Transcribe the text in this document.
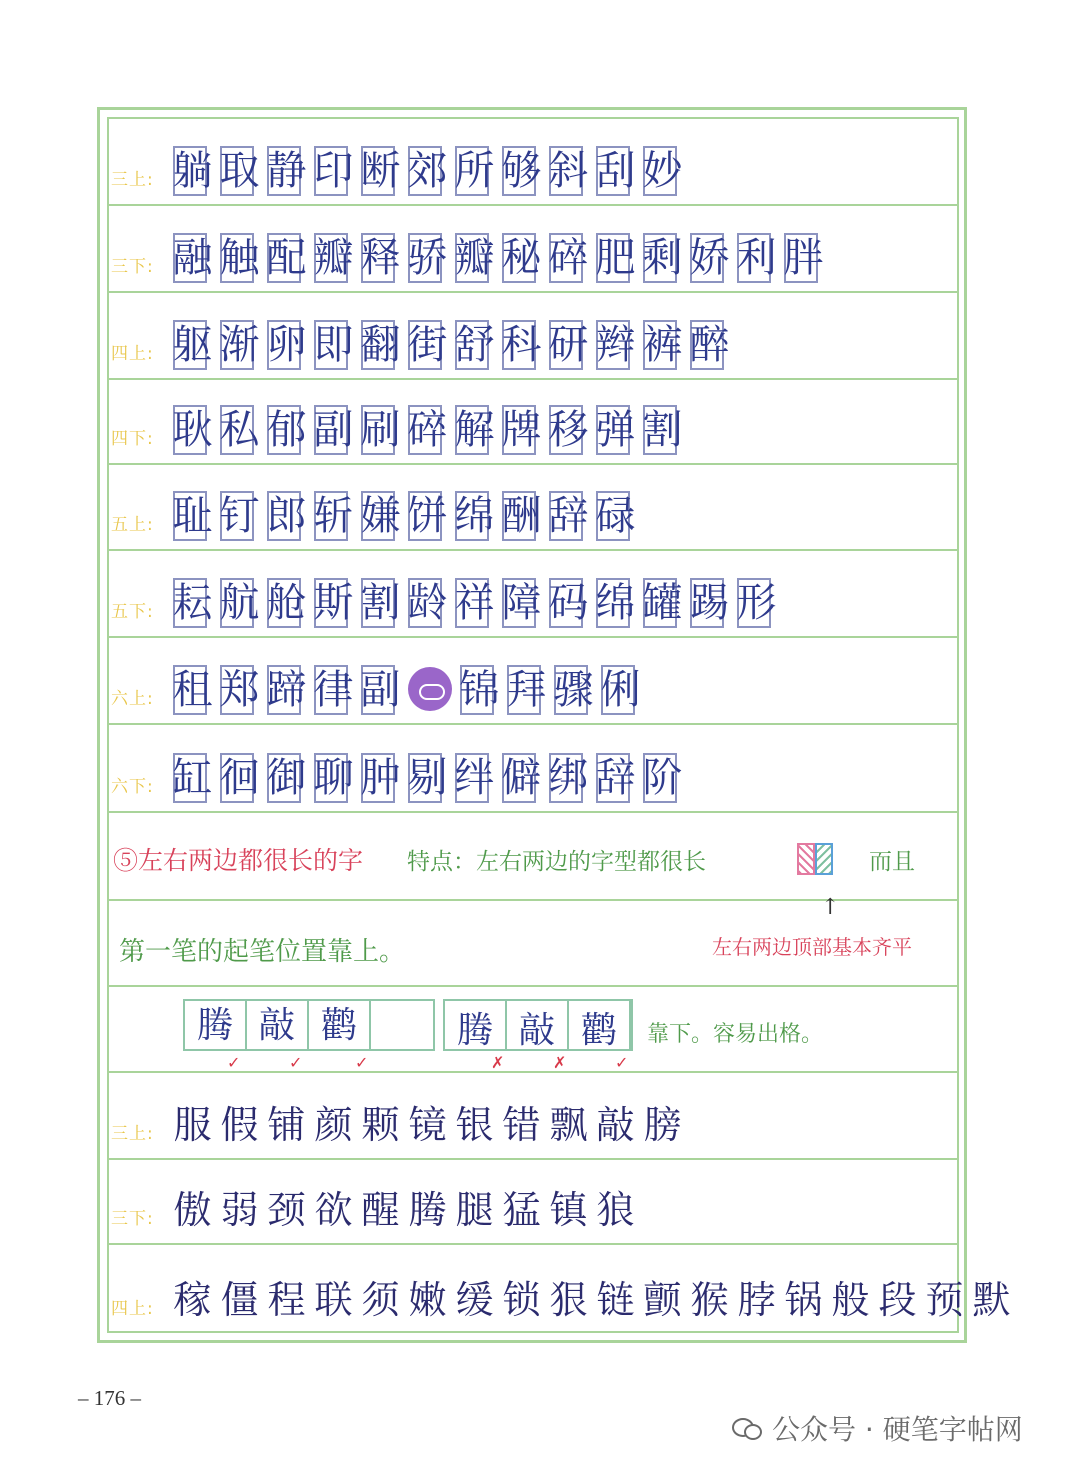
三上: 躺 取 静 印 断 郊 所 够 斜 刮 妙
三下: 融 触 配 瓣 释 骄 瓣 秘 碎 肥 剩 娇 利 胖
四上: 躯 渐 卵 即 翻 街 舒 科 研 辫 裤 醉
四下: 耿 私 郁 副 刷 碎 解 牌 移 弹 割
五上: 耻 钉 郎 斩 嫌 饼 绵 酬 辞 碌
五下: 耘 航 舱 斯 割 龄 祥 障 码 绵 罐 踢 形
六上: 租 郑 蹄 律 副 锦 拜 骤 俐
六下: 缸 徊 御 聊 肿 剔 绊 僻 绑 辞 阶
⑤左右两边都很长的字 特点：左右两边的字型都很长	而且
第一笔的起笔位置靠上。
↑
左右两边顶部基本齐平
腾 敲 鹳	腾 敲 鹳	靠下。容易出格。
✓	✓	✓	✗	✗	✓
三上: 服 假 铺 颜 颗 镜 银 错 飘 敲 膀
三下: 傲 弱 颈 欲 醒 腾 腿 猛 镇 狼
四上: 稼 僵 程 联 须 嫩 缓 锁 狠 链 颤 猴 脖 锅 般 段 预 默
– 176 –
公众号 · 硬笔字帖网
